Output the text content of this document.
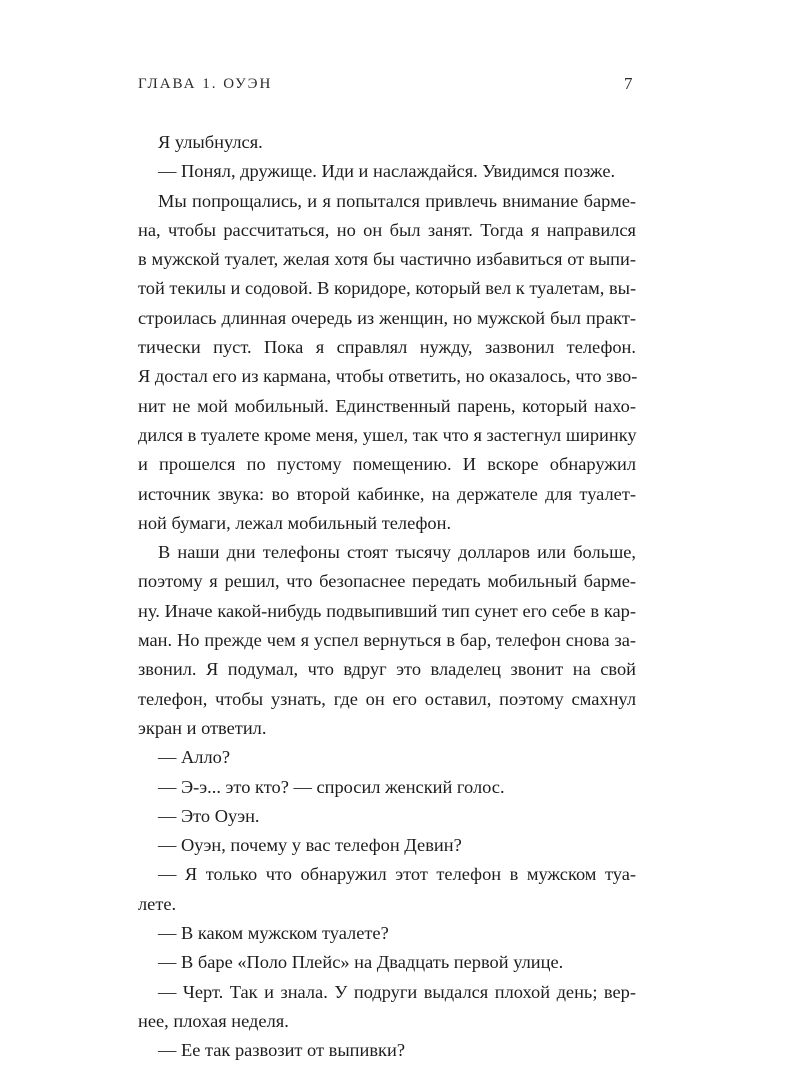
ГЛАВА 1. ОУЭН	7
Я улыбнулся.
— Понял, дружище. Иди и наслаждайся. Увидимся позже.
Мы попрощались, и я попытался привлечь внимание барме-
на, чтобы рассчитаться, но он был занят. Тогда я направился
в мужской туалет, желая хотя бы частично избавиться от выпи-
той текилы и содовой. В коридоре, который вел к туалетам, вы-
строилась длинная очередь из женщин, но мужской был практ-
тически пуст. Пока я справлял нужду, зазвонил телефон.
Я достал его из кармана, чтобы ответить, но оказалось, что зво-
нит не мой мобильный. Единственный парень, который нахо-
дился в туалете кроме меня, ушел, так что я застегнул ширинку
и прошелся по пустому помещению. И вскоре обнаружил
источник звука: во второй кабинке, на держателе для туалет-
ной бумаги, лежал мобильный телефон.
В наши дни телефоны стоят тысячу долларов или больше,
поэтому я решил, что безопаснее передать мобильный барме-
ну. Иначе какой-нибудь подвыпивший тип сунет его себе в кар-
ман. Но прежде чем я успел вернуться в бар, телефон снова за-
звонил. Я подумал, что вдруг это владелец звонит на свой
телефон, чтобы узнать, где он его оставил, поэтому смахнул
экран и ответил.
— Алло?
— Э-э... это кто? — спросил женский голос.
— Это Оуэн.
— Оуэн, почему у вас телефон Девин?
— Я только что обнаружил этот телефон в мужском туа-
лете.
— В каком мужском туалете?
— В баре «Поло Плейс» на Двадцать первой улице.
— Черт. Так и знала. У подруги выдался плохой день; вер-
нее, плохая неделя.
— Ее так развозит от выпивки?
